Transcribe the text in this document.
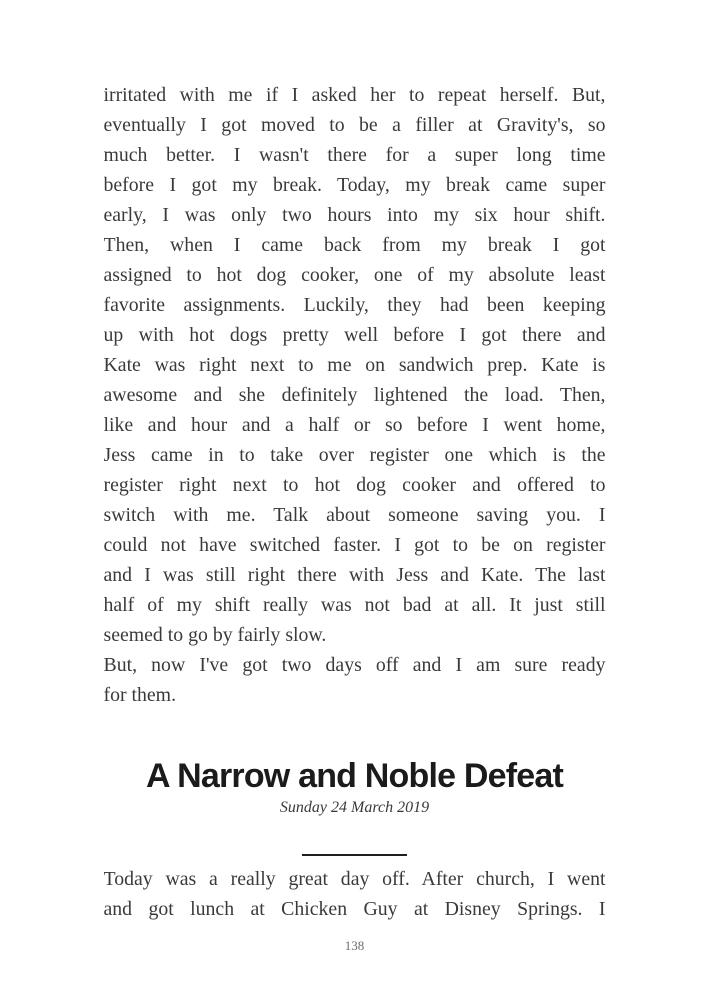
irritated with me if I asked her to repeat herself. But,
eventually I got moved to be a filler at Gravity's, so
much better. I wasn't there for a super long time
before I got my break. Today, my break came super
early, I was only two hours into my six hour shift.
Then, when I came back from my break I got
assigned to hot dog cooker, one of my absolute least
favorite assignments. Luckily, they had been keeping
up with hot dogs pretty well before I got there and
Kate was right next to me on sandwich prep. Kate is
awesome and she definitely lightened the load. Then,
like and hour and a half or so before I went home,
Jess came in to take over register one which is the
register right next to hot dog cooker and offered to
switch with me. Talk about someone saving you. I
could not have switched faster. I got to be on register
and I was still right there with Jess and Kate. The last
half of my shift really was not bad at all. It just still
seemed to go by fairly slow.
But, now I've got two days off and I am sure ready
for them.
A Narrow and Noble Defeat
Sunday 24 March 2019
Today was a really great day off. After church, I went
and got lunch at Chicken Guy at Disney Springs. I
138
